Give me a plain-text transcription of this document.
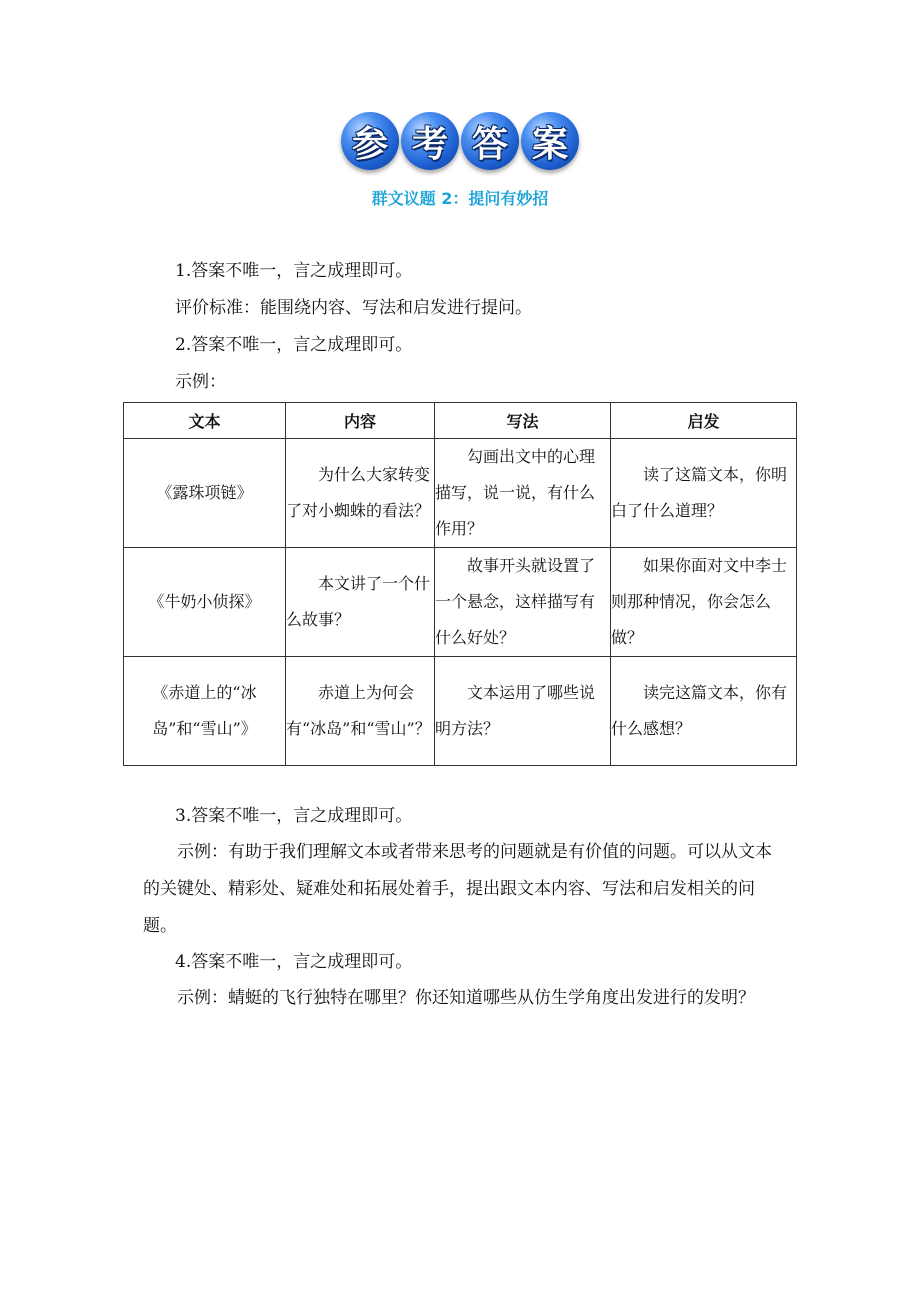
参 考 答 案
群文议题 2：提问有妙招
1.答案不唯一，言之成理即可。
评价标准：能围绕内容、写法和启发进行提问。
2.答案不唯一，言之成理即可。
示例：
文本	内容	写法	启发
《露珠项链》	为什么大家转变了对小蜘蛛的看法？	勾画出文中的心理描写，说一说，有什么作用？	读了这篇文本，你明白了什么道理？
《牛奶小侦探》	本文讲了一个什么故事？	故事开头就设置了一个悬念，这样描写有什么好处？	如果你面对文中李士则那种情况，你会怎么做？
《赤道上的“冰岛”和“雪山”》	赤道上为何会有“冰岛”和“雪山”？	文本运用了哪些说明方法？	读完这篇文本，你有什么感想？
3.答案不唯一，言之成理即可。
示例：有助于我们理解文本或者带来思考的问题就是有价值的问题。可以从文本的关键处、精彩处、疑难处和拓展处着手，提出跟文本内容、写法和启发相关的问题。
4.答案不唯一，言之成理即可。
示例：蜻蜓的飞行独特在哪里？你还知道哪些从仿生学角度出发进行的发明？
